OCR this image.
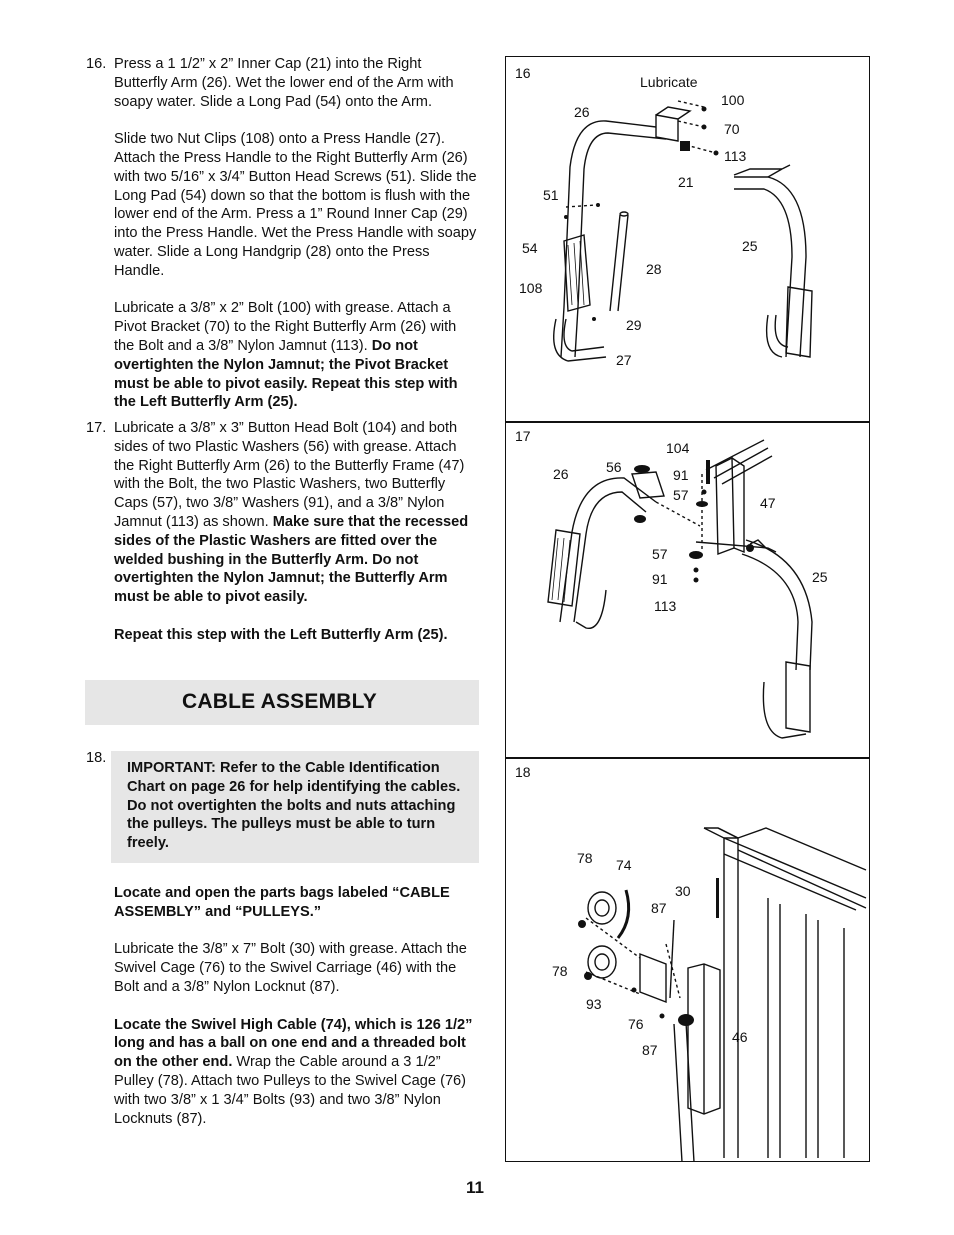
16. Press a 1 1/2” x 2” Inner Cap (21) into the Right Butterfly Arm (26). Wet the lower end of the Arm with soapy water. Slide a Long Pad (54) onto the Arm.

Slide two Nut Clips (108) onto a Press Handle (27). Attach the Press Handle to the Right Butterfly Arm (26) with two 5/16” x 3/4” Button Head Screws (51). Slide the Long Pad (54) down so that the bottom is flush with the lower end of the Arm. Press a 1” Round Inner Cap (29) into the Press Handle. Wet the Press Handle with soapy water. Slide a Long Handgrip (28) onto the Press Handle.

Lubricate a 3/8” x 2” Bolt (100) with grease. Attach a Pivot Bracket (70) to the Right Butterfly Arm (26) with the Bolt and a 3/8” Nylon Jamnut (113). Do not overtighten the Nylon Jamnut; the Pivot Bracket must be able to pivot easily. Repeat this step with the Left Butterfly Arm (25).

17. Lubricate a 3/8” x 3” Button Head Bolt (104) and both sides of two Plastic Washers (56) with grease. Attach the Right Butterfly Arm (26) to the Butterfly Frame (47) with the Bolt, the two Plastic Washers, two Butterfly Caps (57), two 3/8” Washers (91), and a 3/8” Nylon Jamnut (113) as shown. Make sure that the recessed sides of the Plastic Washers are fitted over the welded bushing in the Butterfly Arm. Do not overtighten the Nylon Jamnut; the Butterfly Arm must be able to pivot easily.

Repeat this step with the Left Butterfly Arm (25).

CABLE ASSEMBLY
18.

IMPORTANT: Refer to the Cable Identification Chart on page 26 for help identifying the cables. Do not overtighten the bolts and nuts attaching the pulleys. The pulleys must be able to turn freely.

Locate and open the parts bags labeled “CABLE ASSEMBLY” and “PULLEYS.”

Lubricate the 3/8” x 7” Bolt (30) with grease. Attach the Swivel Cage (76) to the Swivel Carriage (46) with the Bolt and a 3/8” Nylon Locknut (87).

Locate the Swivel High Cable (74), which is 126 1/2” long and has a ball on one end and a threaded bolt on the other end. Wrap the Cable around a 3 1/2” Pulley (78). Attach two Pulleys to the Swivel Cage (76) with two 3/8” x 1 3/4” Bolts (93) and two 3/8” Nylon Locknuts (87).

16
Lubricate
100
70
113
21
26
51
54
108
28
29
27
25
17
104
56	91
57	47
26
57
91
113
25
18
78 74
30
87
78
93
76
87
46
11
